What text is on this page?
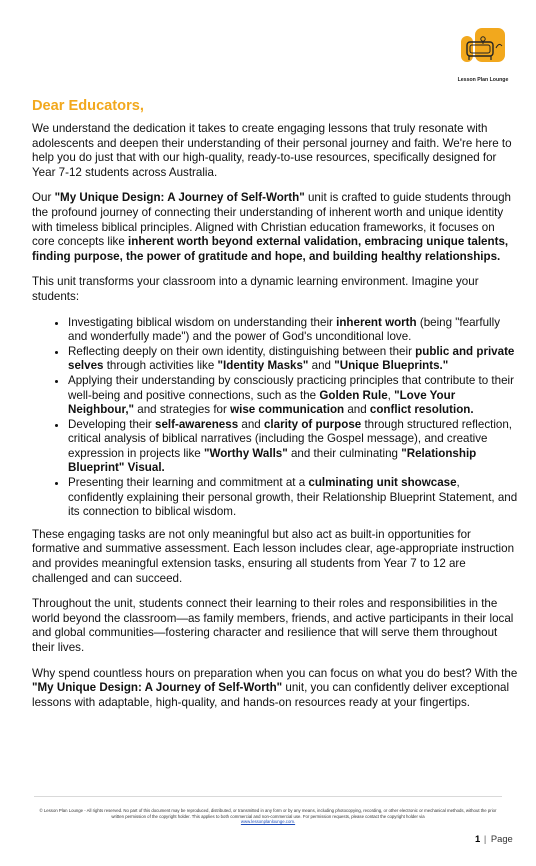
Lesson Plan Lounge
Dear Educators,

We understand the dedication it takes to create engaging lessons that truly resonate with adolescents and deepen their understanding of their personal journey and faith. We're here to help you do just that with our high-quality, ready-to-use resources, specifically designed for Year 7-12 students across Australia.

Our "My Unique Design: A Journey of Self-Worth" unit is crafted to guide students through the profound journey of connecting their understanding of inherent worth and unique identity with timeless biblical principles. Aligned with Christian education frameworks, it focuses on core concepts like inherent worth beyond external validation, embracing unique talents, finding purpose, the power of gratitude and hope, and building healthy relationships.

This unit transforms your classroom into a dynamic learning environment. Imagine your students:

• Investigating biblical wisdom on understanding their inherent worth (being "fearfully and wonderfully made") and the power of God's unconditional love.
• Reflecting deeply on their own identity, distinguishing between their public and private selves through activities like "Identity Masks" and "Unique Blueprints."
• Applying their understanding by consciously practicing principles that contribute to their well-being and positive connections, such as the Golden Rule, "Love Your Neighbour," and strategies for wise communication and conflict resolution.
• Developing their self-awareness and clarity of purpose through structured reflection, critical analysis of biblical narratives (including the Gospel message), and creative expression in projects like "Worthy Walls" and their culminating "Relationship Blueprint" Visual.
• Presenting their learning and commitment at a culminating unit showcase, confidently explaining their personal growth, their Relationship Blueprint Statement, and its connection to biblical wisdom.

These engaging tasks are not only meaningful but also act as built-in opportunities for formative and summative assessment. Each lesson includes clear, age-appropriate instruction and provides meaningful extension tasks, ensuring all students from Year 7 to 12 are challenged and can succeed.

Throughout the unit, students connect their learning to their roles and responsibilities in the world beyond the classroom—as family members, friends, and active participants in their local and global communities—fostering character and resilience that will serve them throughout their lives.

Why spend countless hours on preparation when you can focus on what you do best? With the "My Unique Design: A Journey of Self-Worth" unit, you can confidently deliver exceptional lessons with adaptable, high-quality, and hands-on resources ready at your fingertips.

© Lesson Plan Lounge - All rights reserved. No part of this document may be reproduced, distributed, or transmitted in any form or by any means, including photocopying, recording, or other electronic or mechanical methods, without the prior written permission of the copyright holder. This applies to both commercial and non-commercial use. For permission requests, please contact the copyright holder via
www.lessonplanlounge.com.
1 | Page
